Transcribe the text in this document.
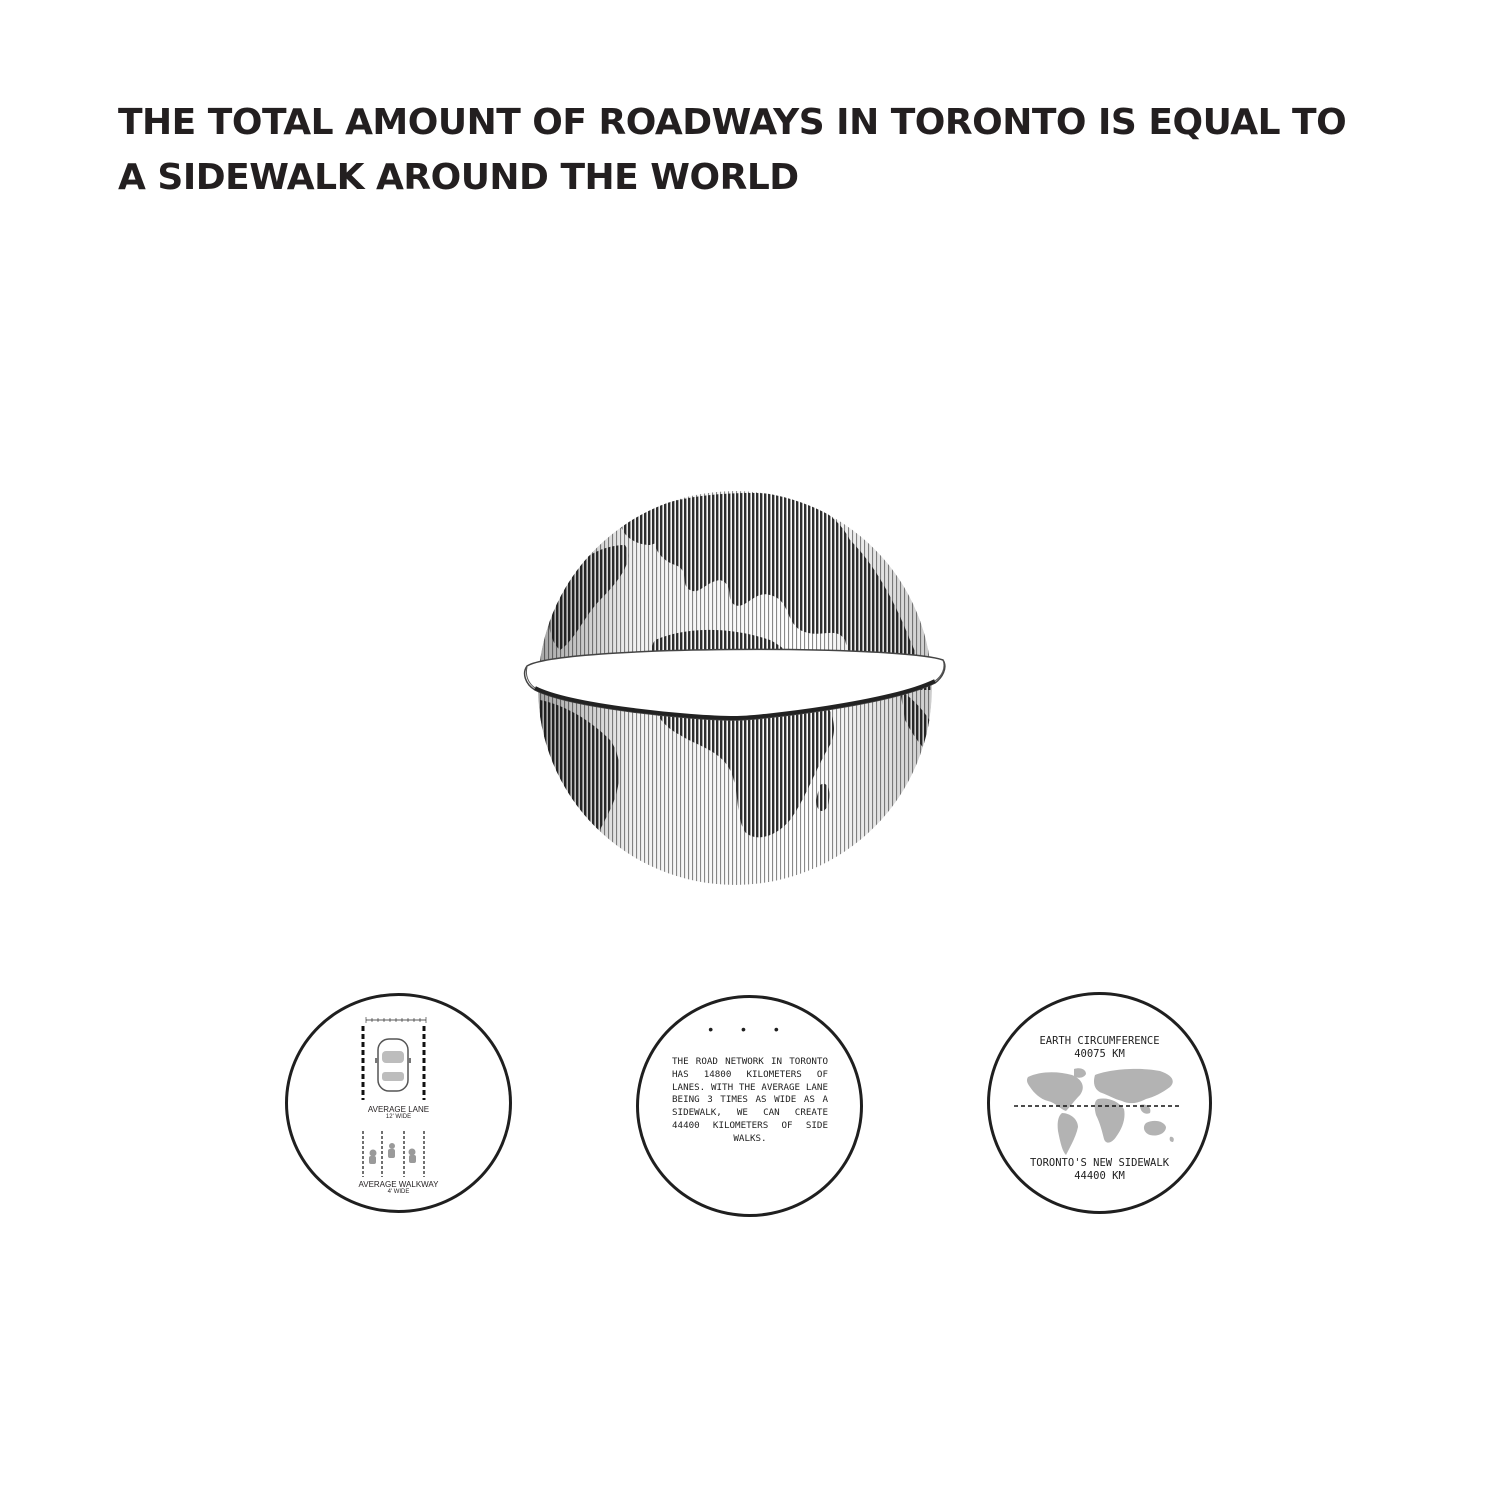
THE TOTAL AMOUNT OF ROADWAYS IN TORONTO IS EQUAL TO
A SIDEWALK AROUND THE WORLD
AVERAGE LANE
12' WIDE
AVERAGE WALKWAY
4' WIDE
• • •
THE ROAD NETWORK IN TORONTO HAS 14800 KILOMETERS OF LANES. WITH THE AVERAGE LANE BEING 3 TIMES AS WIDE AS A SIDEWALK, WE CAN CREATE 44400 KILOMETERS OF SIDE WALKS.
EARTH CIRCUMFERENCE
40075 KM
TORONTO'S NEW SIDEWALK
44400 KM
